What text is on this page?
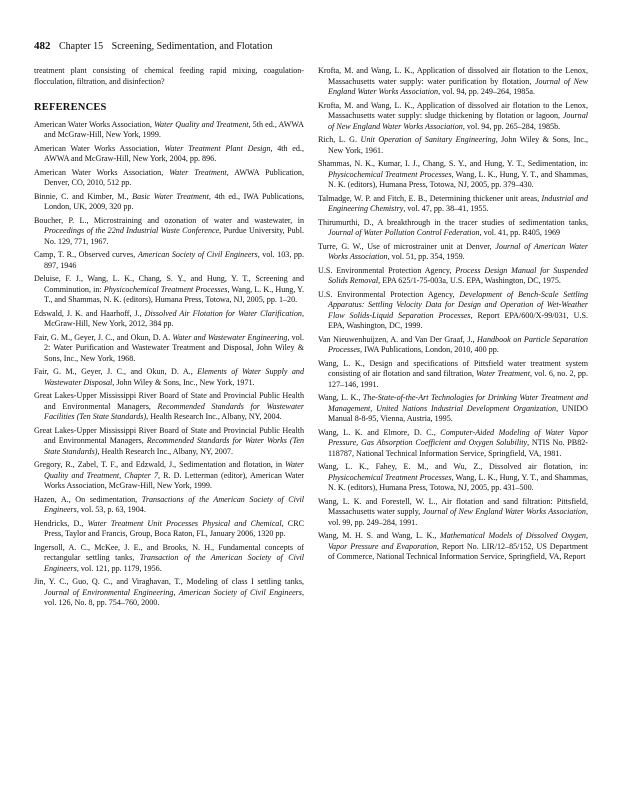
482 Chapter 15 Screening, Sedimentation, and Flotation

treatment plant consisting of chemical feeding rapid mixing, coagulation-flocculation, filtration, and disinfection?

REFERENCES

American Water Works Association, Water Quality and Treatment, 5th ed., AWWA and McGraw-Hill, New York, 1999.

American Water Works Association, Water Treatment Plant Design, 4th ed., AWWA and McGraw-Hill, New York, 2004, pp. 896.

American Water Works Association, Water Treatment, AWWA Publication, Denver, CO, 2010, 512 pp.

Binnie, C. and Kimber, M., Basic Water Treatment, 4th ed., IWA Publications, London, UK, 2009, 320 pp.

Boucher, P. L., Microstraining and ozonation of water and wastewater, in Proceedings of the 22nd Industrial Waste Conference, Purdue University, Publ. No. 129, 771, 1967.

Camp, T. R., Observed curves, American Society of Civil Engineers, vol. 103, pp. 897, 1946

Deluise, F. J., Wang, L. K., Chang, S. Y., and Hung, Y. T., Screening and Comminution, in: Physicochemical Treatment Processes, Wang, L. K., Hung, Y. T., and Shammas, N. K. (editors), Humana Press, Totowa, NJ, 2005, pp. 1–20.

Edswald, J. K. and Haarhoff, J., Dissolved Air Flotation for Water Clarification, McGraw-Hill, New York, 2012, 384 pp.

Fair, G. M., Geyer, J. C., and Okun, D. A. Water and Wastewater Engineering, vol. 2: Water Purification and Wastewater Treatment and Disposal, John Wiley & Sons, Inc., New York, 1968.

Fair, G. M., Geyer, J. C., and Okun, D. A., Elements of Water Supply and Wastewater Disposal, John Wiley & Sons, Inc., New York, 1971.

Great Lakes-Upper Mississippi River Board of State and Provincial Public Health and Environmental Managers, Recommended Standards for Wastewater Facilities (Ten State Standards), Health Research Inc., Albany, NY, 2004.

Great Lakes-Upper Mississippi River Board of State and Provincial Public Health and Environmental Managers, Recommended Standards for Water Works (Ten State Standards), Health Research Inc., Albany, NY, 2007.

Gregory, R., Zabel, T. F., and Edzwald, J., Sedimentation and flotation, in Water Quality and Treatment, Chapter 7, R. D. Letterman (editor), American Water Works Association, McGraw-Hill, New York, 1999.

Hazen, A., On sedimentation, Transactions of the American Society of Civil Engineers, vol. 53, p. 63, 1904.

Hendricks, D., Water Treatment Unit Processes Physical and Chemical, CRC Press, Taylor and Francis, Group, Boca Raton, FL, January 2006, 1320 pp.

Ingersoll, A. C., McKee, J. E., and Brooks, N. H., Fundamental concepts of rectangular settling tanks, Transaction of the American Society of Civil Engineers, vol. 121, pp. 1179, 1956.

Jin, Y. C., Guo, Q. C., and Viraghavan, T., Modeling of class I settling tanks, Journal of Environmental Engineering, American Society of Civil Engineers, vol. 126, No. 8, pp. 754–760, 2000.

Krofta, M. and Wang, L. K., Application of dissolved air flotation to the Lenox, Massachusetts water supply: water purification by flotation, Journal of New England Water Works Association, vol. 94, pp. 249–264, 1985a.

Krofta, M. and Wang, L. K., Application of dissolved air flotation to the Lenox, Massachusetts water supply: sludge thickening by flotation or lagoon, Journal of New England Water Works Association, vol. 94, pp. 265–284, 1985b.

Rich, L. G. Unit Operation of Sanitary Engineering, John Wiley & Sons, Inc., New York, 1961.

Shammas, N. K., Kumar, I. J., Chang, S. Y., and Hung, Y. T., Sedimentation, in: Physicochemical Treatment Processes, Wang, L. K., Hung, Y. T., and Shammas, N. K. (editors), Humana Press, Totowa, NJ, 2005, pp. 379–430.

Talmadge, W. P. and Fitch, E. B., Determining thickener unit areas, Industrial and Engineering Chemistry, vol. 47, pp. 38–41, 1955.

Thirumurthi, D., A breakthrough in the tracer studies of sedimentation tanks, Journal of Water Pollution Control Federation, vol. 41, pp. R405, 1969

Turre, G. W., Use of microstrainer unit at Denver, Journal of American Water Works Association, vol. 51, pp. 354, 1959.

U.S. Environmental Protection Agency, Process Design Manual for Suspended Solids Removal, EPA 625/1-75-003a, U.S. EPA, Washington, DC, 1975.

U.S. Environmental Protection Agency, Development of Bench-Scale Settling Apparatus: Settling Velocity Data for Design and Operation of Wet-Weather Flow Solids-Liquid Separation Processes, Report EPA/600/X-99/031, U.S. EPA, Washington, DC, 1999.

Van Nieuwenhuijzen, A. and Van Der Graaf, J., Handbook on Particle Separation Processes, IWA Publications, London, 2010, 400 pp.

Wang, L. K., Design and specifications of Pittsfield water treatment system consisting of air flotation and sand filtration, Water Treatment, vol. 6, no. 2, pp. 127–146, 1991.

Wang, L. K., The-State-of-the-Art Technologies for Drinking Water Treatment and Management, United Nations Industrial Development Organization, UNIDO Manual 8-8-95, Vienna, Austria, 1995.

Wang, L. K. and Elmore, D. C., Computer-Aided Modeling of Water Vapor Pressure, Gas Absorption Coefficient and Oxygen Solubility, NTIS No. PB82-118787, National Technical Information Service, Springfield, VA, 1981.

Wang, L. K., Fahey, E. M., and Wu, Z., Dissolved air flotation, in: Physicochemical Treatment Processes, Wang, L. K., Hung, Y. T., and Shammas, N. K. (editors), Humana Press, Totowa, NJ, 2005, pp. 431–500.

Wang, L. K. and Forestell, W. L., Air flotation and sand filtration: Pittsfield, Massachusetts water supply, Journal of New England Water Works Association, vol. 99, pp. 249–284, 1991.

Wang, M. H. S. and Wang, L. K., Mathematical Models of Dissolved Oxygen, Vapor Pressure and Evaporation, Report No. LIR/12–85/152, US Department of Commerce, National Technical Information Service, Springfield, VA, Report
